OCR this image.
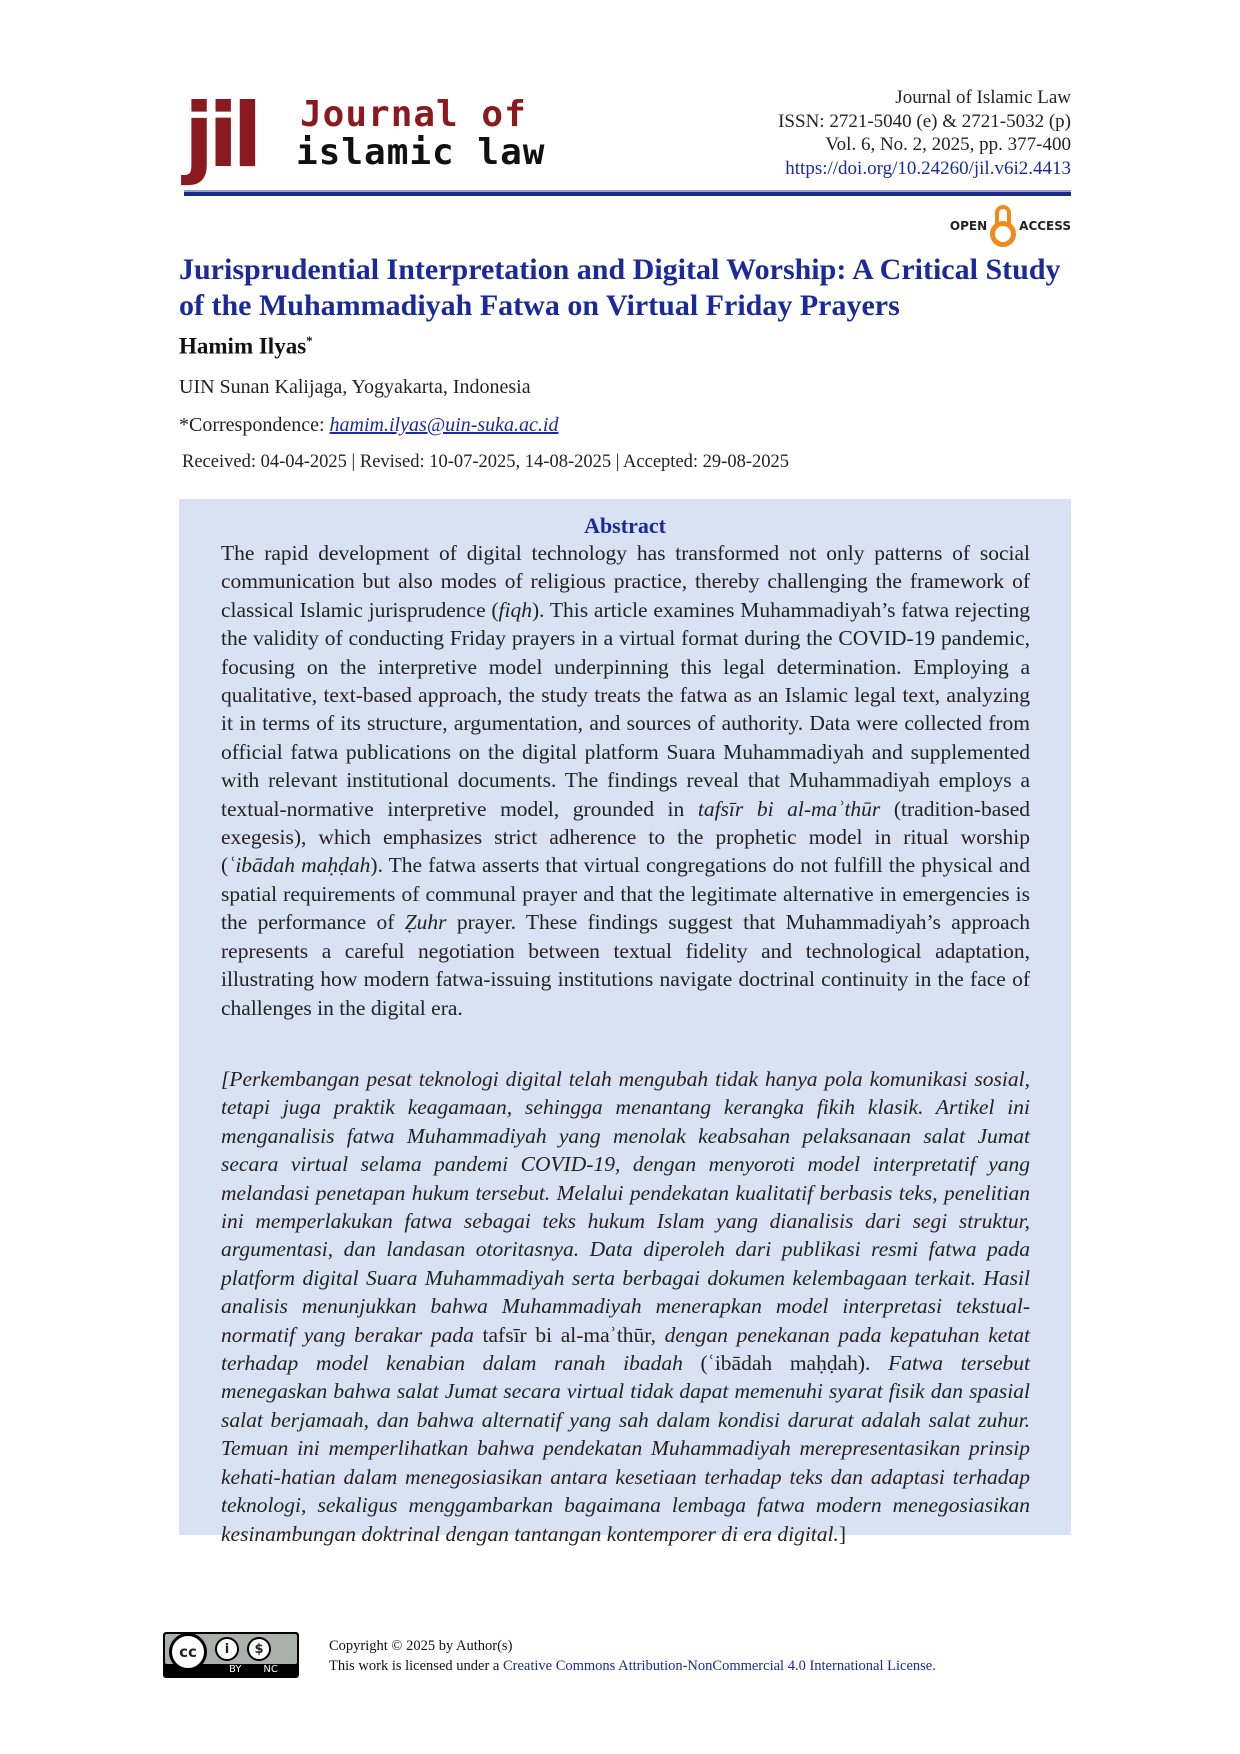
jil Journal of
islamic law
Journal of Islamic Law
ISSN: 2721-5040 (e) & 2721-5032 (p)
Vol. 6, No. 2, 2025, pp. 377-400
https://doi.org/10.24260/jil.v6i2.4413
OPEN	ACCESS
Jurisprudential Interpretation and Digital Worship: A Critical Study of the Muhammadiyah Fatwa on Virtual Friday Prayers
Hamim Ilyas*
UIN Sunan Kalijaga, Yogyakarta, Indonesia
*Correspondence: hamim.ilyas@uin-suka.ac.id
Received: 04-04-2025 | Revised: 10-07-2025, 14-08-2025 | Accepted: 29-08-2025
Abstract

The rapid development of digital technology has transformed not only patterns of social communication but also modes of religious practice, thereby challenging the framework of classical Islamic jurisprudence (fiqh). This article examines Muhammadiyah’s fatwa rejecting the validity of conducting Friday prayers in a virtual format during the COVID-19 pandemic, focusing on the interpretive model underpinning this legal determination. Employing a qualitative, text-based approach, the study treats the fatwa as an Islamic legal text, analyzing it in terms of its structure, argumentation, and sources of authority. Data were collected from official fatwa publications on the digital platform Suara Muhammadiyah and supplemented with relevant institutional documents. The findings reveal that Muhammadiyah employs a textual-normative interpretive model, grounded in tafsīr bi al-maʾthūr (tradition-based exegesis), which emphasizes strict adherence to the prophetic model in ritual worship (ʿibādah maḥḍah). The fatwa asserts that virtual congregations do not fulfill the physical and spatial requirements of communal prayer and that the legitimate alternative in emergencies is the performance of Ẓuhr prayer. These findings suggest that Muhammadiyah’s approach represents a careful negotiation between textual fidelity and technological adaptation, illustrating how modern fatwa-issuing institutions navigate doctrinal continuity in the face of challenges in the digital era.

[Perkembangan pesat teknologi digital telah mengubah tidak hanya pola komunikasi sosial, tetapi juga praktik keagamaan, sehingga menantang kerangka fikih klasik. Artikel ini menganalisis fatwa Muhammadiyah yang menolak keabsahan pelaksanaan salat Jumat secara virtual selama pandemi COVID-19, dengan menyoroti model interpretatif yang melandasi penetapan hukum tersebut. Melalui pendekatan kualitatif berbasis teks, penelitian ini memperlakukan fatwa sebagai teks hukum Islam yang dianalisis dari segi struktur, argumentasi, dan landasan otoritasnya. Data diperoleh dari publikasi resmi fatwa pada platform digital Suara Muhammadiyah serta berbagai dokumen kelembagaan terkait. Hasil analisis menunjukkan bahwa Muhammadiyah menerapkan model interpretasi tekstual-normatif yang berakar pada tafsīr bi al-maʾthūr, dengan penekanan pada kepatuhan ketat terhadap model kenabian dalam ranah ibadah (ʿibādah maḥḍah). Fatwa tersebut menegaskan bahwa salat Jumat secara virtual tidak dapat memenuhi syarat fisik dan spasial salat berjamaah, dan bahwa alternatif yang sah dalam kondisi darurat adalah salat zuhur. Temuan ini memperlihatkan bahwa pendekatan Muhammadiyah merepresentasikan prinsip kehati-hatian dalam menegosiasikan antara kesetiaan terhadap teks dan adaptasi terhadap teknologi, sekaligus menggambarkan bagaimana lembaga fatwa modern menegosiasikan kesinambungan doktrinal dengan tantangan kontemporer di era digital.]

cc	i	$
BY NC
Copyright © 2025 by Author(s)
This work is licensed under a Creative Commons Attribution-NonCommercial 4.0 International License.
